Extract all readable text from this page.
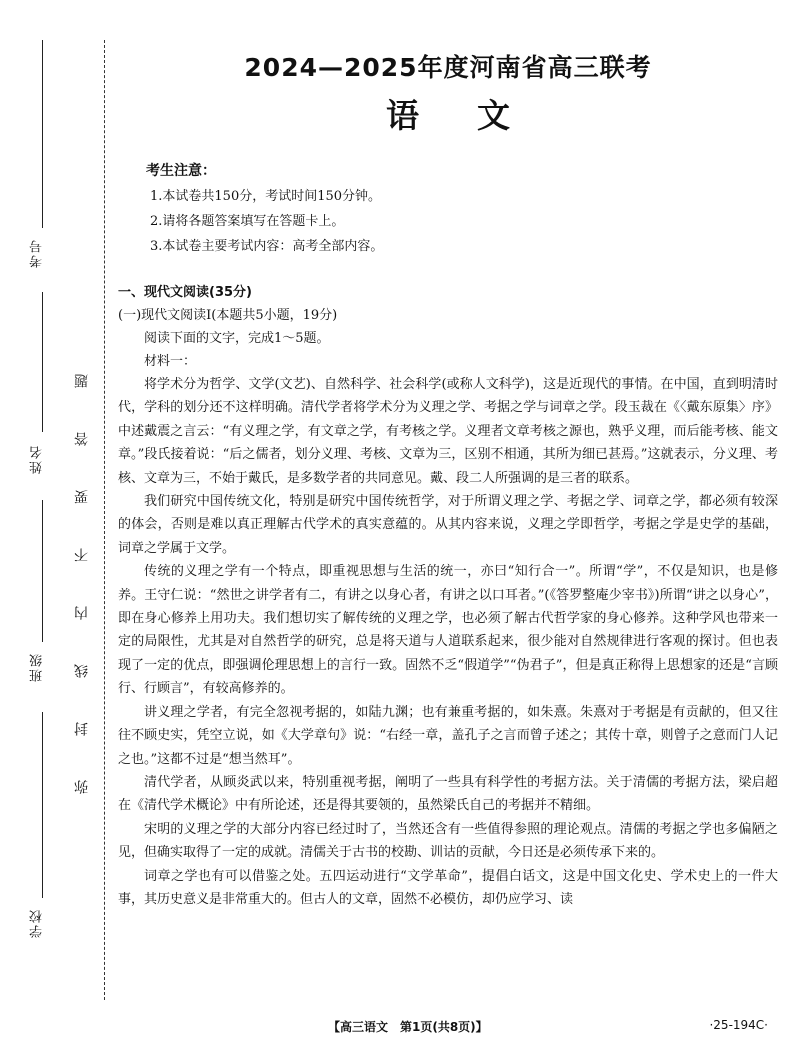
考号
姓名
班级
学校
弥封线内不要答题
2024—2025年度河南省高三联考
语文
考生注意：
1.本试卷共150分，考试时间150分钟。
2.请将各题答案填写在答题卡上。
3.本试卷主要考试内容：高考全部内容。
一、现代文阅读(35分)
(一)现代文阅读Ⅰ(本题共5小题，19分)
阅读下面的文字，完成1～5题。
材料一：

将学术分为哲学、文学(文艺)、自然科学、社会科学(或称人文科学)，这是近现代的事情。在中国，直到明清时代，学科的划分还不这样明确。清代学者将学术分为义理之学、考据之学与词章之学。段玉裁在《〈戴东原集〉序》中述戴震之言云：“有义理之学，有文章之学，有考核之学。义理者文章考核之源也，熟乎义理，而后能考核、能文章。”段氏接着说：“后之儒者，划分义理、考核、文章为三，区别不相通，其所为细已甚焉。”这就表示，分义理、考核、文章为三，不始于戴氏，是多数学者的共同意见。戴、段二人所强调的是三者的联系。

我们研究中国传统文化，特别是研究中国传统哲学，对于所谓义理之学、考据之学、词章之学，都必须有较深的体会，否则是难以真正理解古代学术的真实意蕴的。从其内容来说，义理之学即哲学，考据之学是史学的基础，词章之学属于文学。

传统的义理之学有一个特点，即重视思想与生活的统一，亦曰“知行合一”。所谓“学”，不仅是知识，也是修养。王守仁说：“然世之讲学者有二，有讲之以身心者，有讲之以口耳者。”(《答罗整庵少宰书》)所谓“讲之以身心”，即在身心修养上用功夫。我们想切实了解传统的义理之学，也必须了解古代哲学家的身心修养。这种学风也带来一定的局限性，尤其是对自然哲学的研究，总是将天道与人道联系起来，很少能对自然规律进行客观的探讨。但也表现了一定的优点，即强调伦理思想上的言行一致。固然不乏“假道学”“伪君子”，但是真正称得上思想家的还是“言顾行、行顾言”，有较高修养的。

讲义理之学者，有完全忽视考据的，如陆九渊；也有兼重考据的，如朱熹。朱熹对于考据是有贡献的，但又往往不顾史实，凭空立说，如《大学章句》说：“右经一章，盖孔子之言而曾子述之；其传十章，则曾子之意而门人记之也。”这都不过是“想当然耳”。

清代学者，从顾炎武以来，特别重视考据，阐明了一些具有科学性的考据方法。关于清儒的考据方法，梁启超在《清代学术概论》中有所论述，还是得其要领的，虽然梁氏自己的考据并不精细。

宋明的义理之学的大部分内容已经过时了，当然还含有一些值得参照的理论观点。清儒的考据之学也多偏陋之见，但确实取得了一定的成就。清儒关于古书的校勘、训诂的贡献，今日还是必须传承下来的。

词章之学也有可以借鉴之处。五四运动进行“文学革命”，提倡白话文，这是中国文化史、学术史上的一件大事，其历史意义是非常重大的。但古人的文章，固然不必模仿，却仍应学习、读

【高三语文　第1页(共8页)】	·25-194C·
